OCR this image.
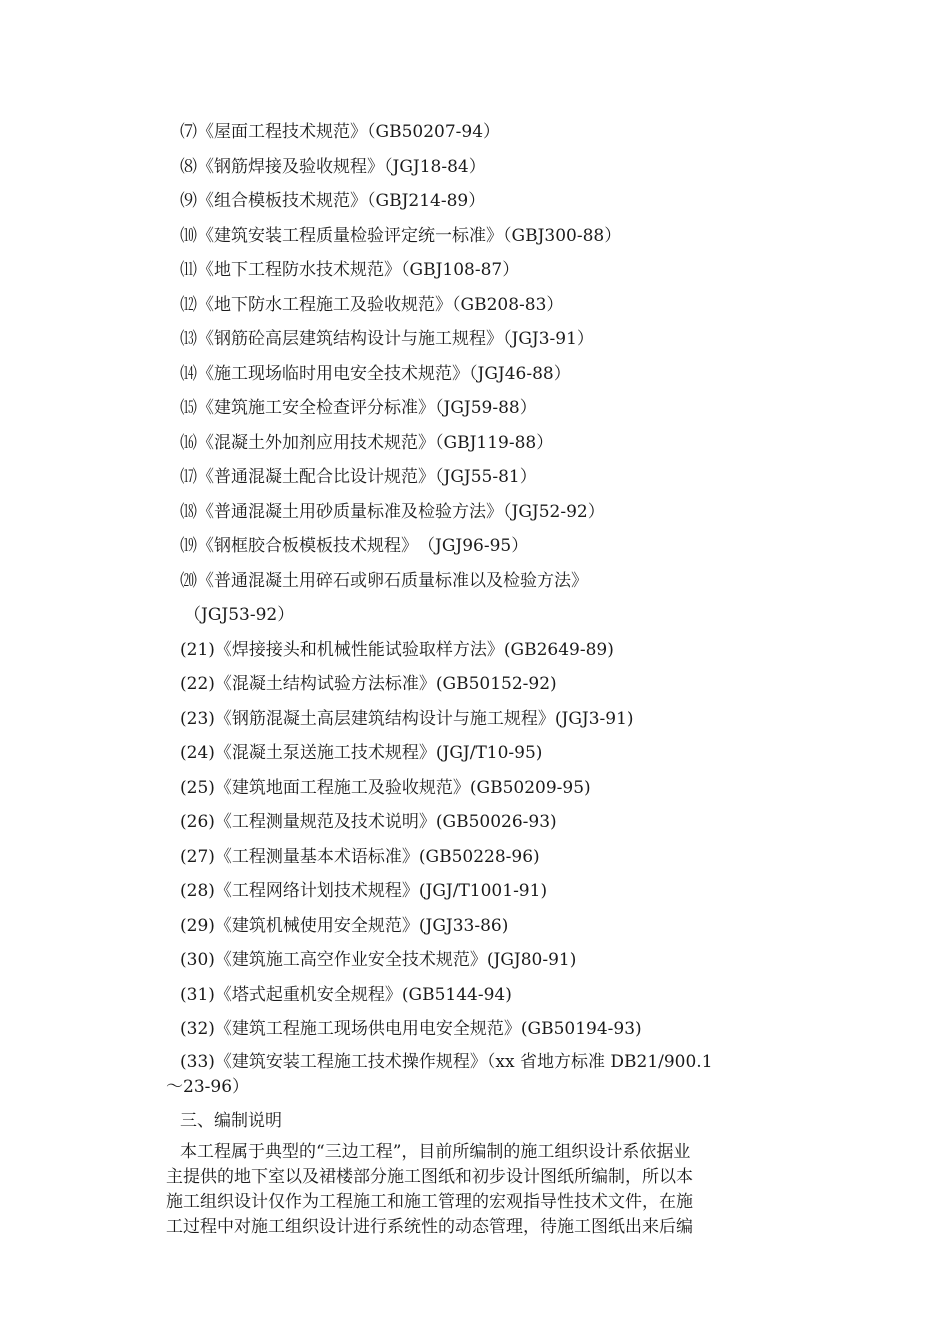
⑺《屋面工程技术规范》（GB50207-94）
⑻《钢筋焊接及验收规程》（JGJ18-84）
⑼《组合模板技术规范》（GBJ214-89）
⑽《建筑安装工程质量检验评定统一标准》（GBJ300-88）
⑾《地下工程防水技术规范》（GBJ108-87）
⑿《地下防水工程施工及验收规范》（GB208-83）
⒀《钢筋砼高层建筑结构设计与施工规程》（JGJ3-91）
⒁《施工现场临时用电安全技术规范》（JGJ46-88）
⒂《建筑施工安全检查评分标准》（JGJ59-88）
⒃《混凝土外加剂应用技术规范》（GBJ119-88）
⒄《普通混凝土配合比设计规范》（JGJ55-81）
⒅《普通混凝土用砂质量标准及检验方法》（JGJ52-92）
⒆《钢框胶合板模板技术规程》　（JGJ96-95）
⒇《普通混凝土用碎石或卵石质量标准以及检验方法》
（JGJ53-92）
(21)《焊接接头和机械性能试验取样方法》(GB2649-89)
(22)《混凝土结构试验方法标准》(GB50152-92)
(23)《钢筋混凝土高层建筑结构设计与施工规程》(JGJ3-91)
(24)《混凝土泵送施工技术规程》(JGJ/T10-95)
(25)《建筑地面工程施工及验收规范》(GB50209-95)
(26)《工程测量规范及技术说明》(GB50026-93)
(27)《工程测量基本术语标准》(GB50228-96)
(28)《工程网络计划技术规程》(JGJ/T1001-91)
(29)《建筑机械使用安全规范》(JGJ33-86)
(30)《建筑施工高空作业安全技术规范》(JGJ80-91)
(31)《塔式起重机安全规程》(GB5144-94)
(32)《建筑工程施工现场供电用电安全规范》(GB50194-93)
(33)《建筑安装工程施工技术操作规程》（xx 省地方标准 DB21/900.1
～23-96）
三、编制说明
本工程属于典型的“三边工程”，目前所编制的施工组织设计系依据业
主提供的地下室以及裙楼部分施工图纸和初步设计图纸所编制，所以本
施工组织设计仅作为工程施工和施工管理的宏观指导性技术文件，在施
工过程中对施工组织设计进行系统性的动态管理，待施工图纸出来后编
